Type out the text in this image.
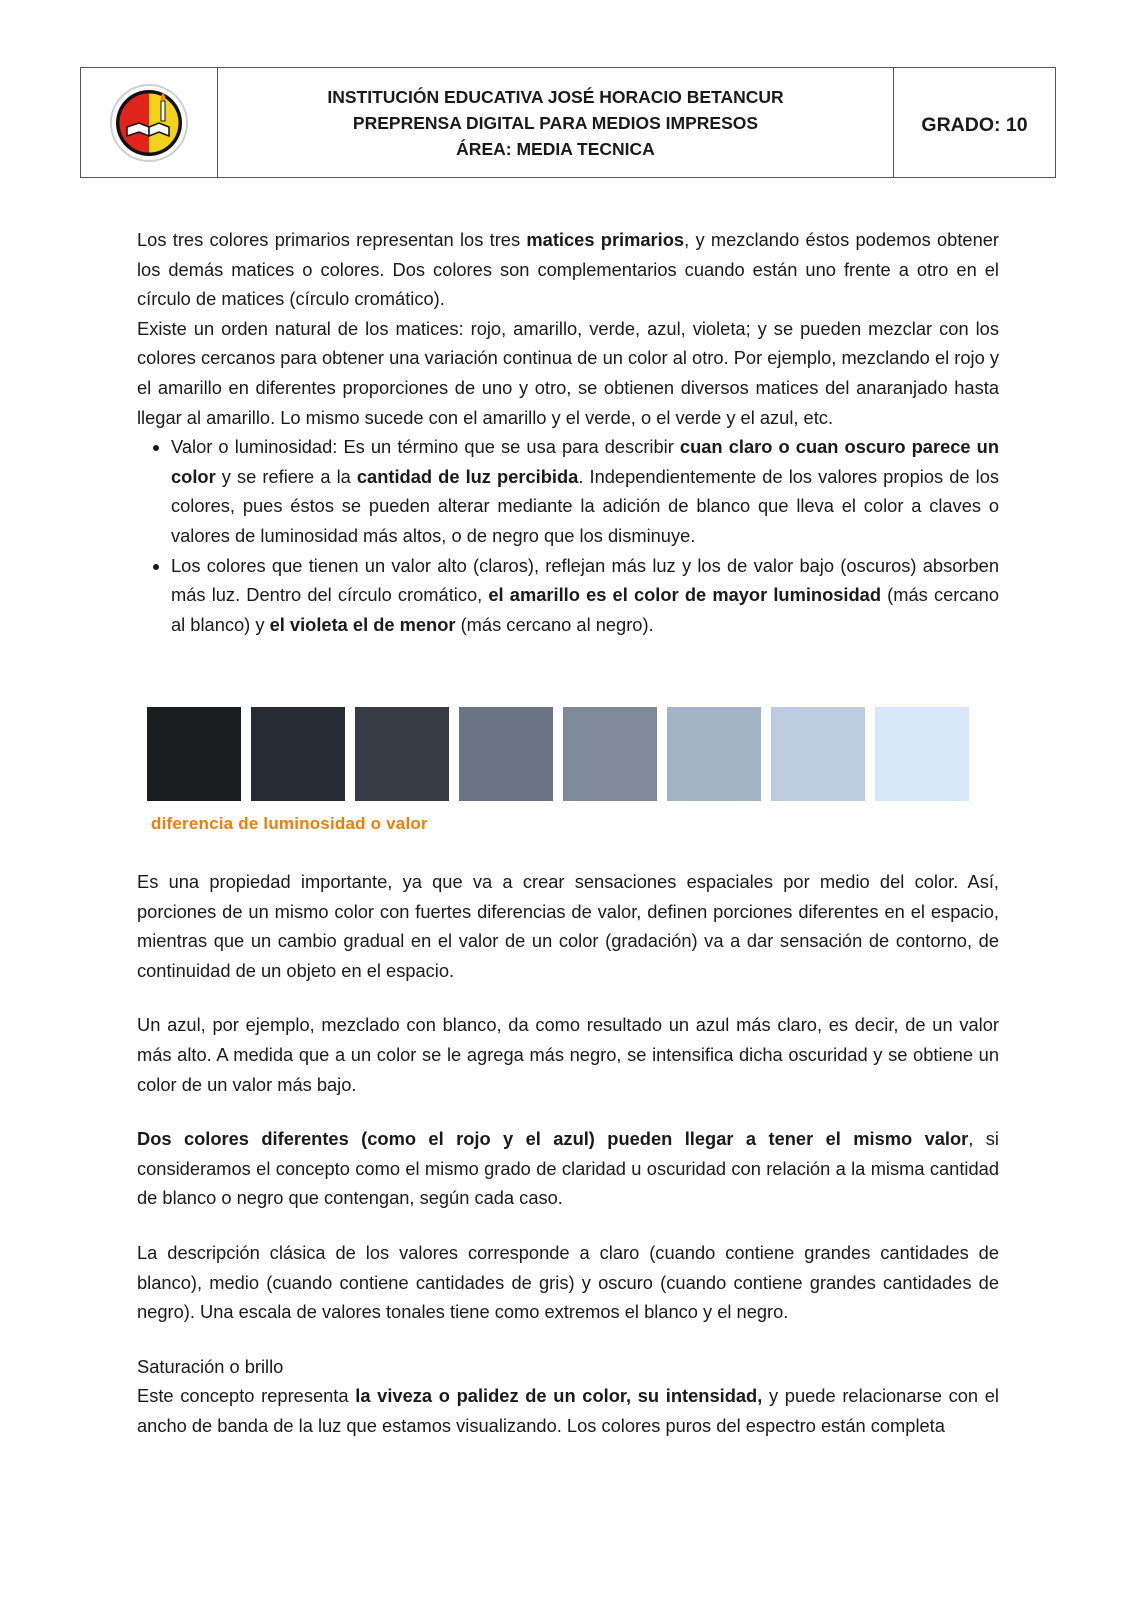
INSTITUCIÓN EDUCATIVA JOSÉ HORACIO BETANCUR
PREPRENSA DIGITAL PARA MEDIOS IMPRESOS
ÁREA: MEDIA TECNICA
GRADO: 10

Los tres colores primarios representan los tres matices primarios, y mezclando éstos podemos obtener los demás matices o colores. Dos colores son complementarios cuando están uno frente a otro en el círculo de matices (círculo cromático).

Existe un orden natural de los matices: rojo, amarillo, verde, azul, violeta; y se pueden mezclar con los colores cercanos para obtener una variación continua de un color al otro. Por ejemplo, mezclando el rojo y el amarillo en diferentes proporciones de uno y otro, se obtienen diversos matices del anaranjado hasta llegar al amarillo. Lo mismo sucede con el amarillo y el verde, o el verde y el azul, etc.

• Valor o luminosidad: Es un término que se usa para describir cuan claro o cuan oscuro parece un color y se refiere a la cantidad de luz percibida. Independientemente de los valores propios de los colores, pues éstos se pueden alterar mediante la adición de blanco que lleva el color a claves o valores de luminosidad más altos, o de negro que los disminuye.
• Los colores que tienen un valor alto (claros), reflejan más luz y los de valor bajo (oscuros) absorben más luz. Dentro del círculo cromático, el amarillo es el color de mayor luminosidad (más cercano al blanco) y el violeta el de menor (más cercano al negro).
diferencia de luminosidad o valor

Es una propiedad importante, ya que va a crear sensaciones espaciales por medio del color. Así, porciones de un mismo color con fuertes diferencias de valor, definen porciones diferentes en el espacio, mientras que un cambio gradual en el valor de un color (gradación) va a dar sensación de contorno, de continuidad de un objeto en el espacio.

Un azul, por ejemplo, mezclado con blanco, da como resultado un azul más claro, es decir, de un valor más alto. A medida que a un color se le agrega más negro, se intensifica dicha oscuridad y se obtiene un color de un valor más bajo.

Dos colores diferentes (como el rojo y el azul) pueden llegar a tener el mismo valor, si consideramos el concepto como el mismo grado de claridad u oscuridad con relación a la misma cantidad de blanco o negro que contengan, según cada caso.

La descripción clásica de los valores corresponde a claro (cuando contiene grandes cantidades de blanco), medio (cuando contiene cantidades de gris) y oscuro (cuando contiene grandes cantidades de negro). Una escala de valores tonales tiene como extremos el blanco y el negro.

Saturación o brillo

Este concepto representa la viveza o palidez de un color, su intensidad, y puede relacionarse con el ancho de banda de la luz que estamos visualizando. Los colores puros del espectro están completa
